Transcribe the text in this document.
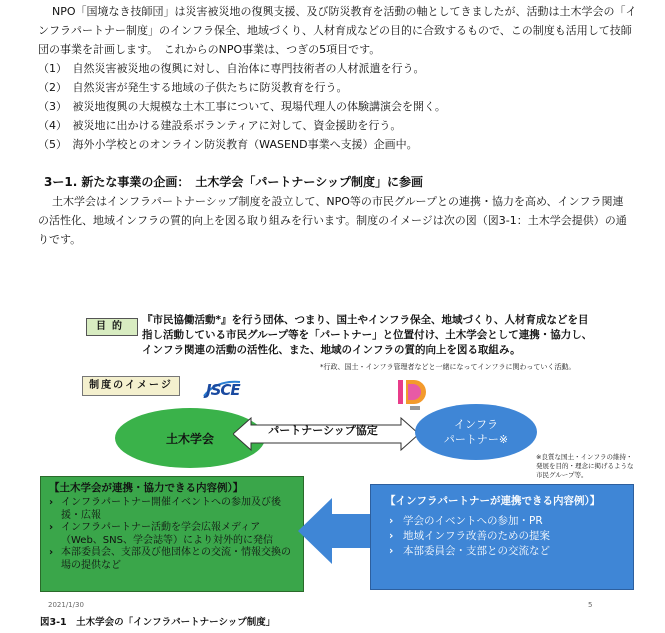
NPO「国境なき技師団」は災害被災地の復興支援、及び防災教育を活動の軸としてきましたが、活動は土木学会の「イ
ンフラパートナー制度」のインフラ保全、地域づくり、人材育成などの目的に合致するもので、この制度も活用して技師
団の事業を計画します。　これからのNPO事業は、つぎの5項目です。
（1）　自然災害被災地の復興に対し、自治体に専門技術者の人材派遣を行う。
（2）　自然災害が発生する地域の子供たちに防災教育を行う。
（3）　被災地復興の大規模な土木工事について、現場代理人の体験講演会を開く。
（4）　被災地に出かける建設系ボランティアに対して、資金援助を行う。
（5）　海外小学校とのオンライン防災教育（WASEND事業へ支援）企画中。
3ー1. 新たな事業の企画：　土木学会「パートナーシップ制度」に参画
土木学会はインフラパートナーシップ制度を設立して、NPO等の市民グループとの連携・協力を高め、インフラ関連
の活性化、地域インフラの質的向上を図る取り組みを行います。制度のイメージは次の図（図3-1：土木学会提供）の通
りです。
目的
『市民協働活動*』を行う団体、つまり、国土やインフラ保全、地域づくり、人材育成などを目
指し活動している市民グループ等を「パートナー」と位置付け、土木学会として連携・協力し、
インフラ関連の活動の活性化、また、地域のインフラの質的向上を図る取組み。
*行政、国土・インフラ管理者などと一緒になってインフラに関わっていく活動。
制度のイメージ	JSCE
土木学会
パートナーシップ協定	インフラ
パートナー※
※良質な国土・インフラの維持・発展を目的・理念に掲げるような市民グループ等。
【土木学会が連携・協力できる内容例）】
› インフラパートナー開催イベントへの参加及び後援・広報
› インフラパートナー活動を学会広報メディア（Web、SNS、学会誌等）により対外的に発信
› 本部委員会、支部及び他団体との交流・情報交換の場の提供など
【インフラパートナーが連携できる内容例）】
› 学会のイベントへの参加・PR
› 地域インフラ改善のための提案
› 本部委員会・支部との交流など
2021/1/30	5
図3-1　土木学会の「インフラパートナーシップ制度」
